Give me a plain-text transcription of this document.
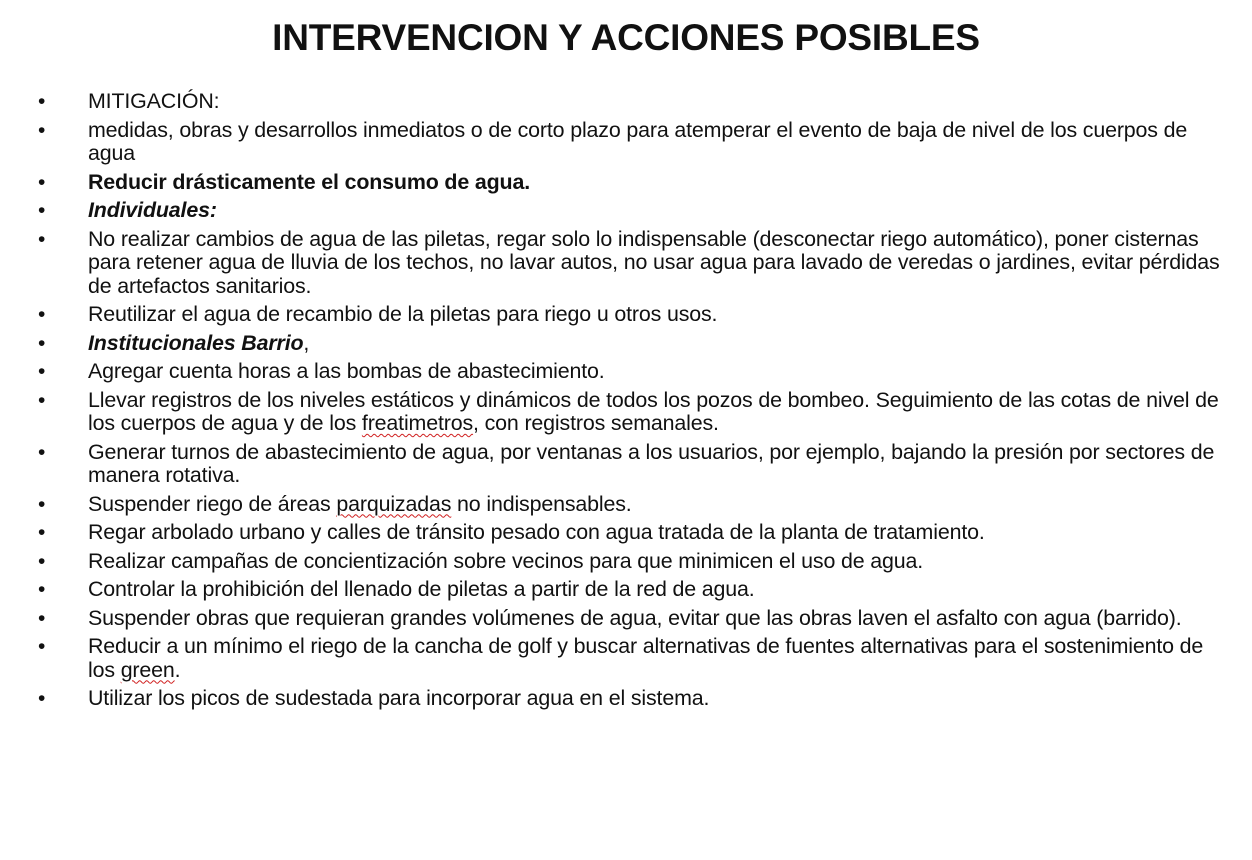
INTERVENCION Y ACCIONES POSIBLES
• MITIGACIÓN:
• medidas, obras y desarrollos inmediatos o de corto plazo para atemperar el evento de baja de nivel de los cuerpos de agua
• Reducir drásticamente el consumo de agua.
• Individuales:
• No realizar cambios de agua de las piletas, regar solo lo indispensable (desconectar riego automático), poner cisternas para retener agua de lluvia de los techos, no lavar autos, no usar agua para lavado de veredas o jardines, evitar pérdidas de artefactos sanitarios.
• Reutilizar el agua de recambio de la piletas para riego u otros usos.
• Institucionales Barrio,
• Agregar cuenta horas a las bombas de abastecimiento.
• Llevar registros de los niveles estáticos y dinámicos de todos los pozos de bombeo. Seguimiento de las cotas de nivel de los cuerpos de agua y de los freatimetros, con registros semanales.
• Generar turnos de abastecimiento de agua, por ventanas a los usuarios, por ejemplo, bajando la presión por sectores de manera rotativa.
• Suspender riego de áreas parquizadas no indispensables.
• Regar arbolado urbano y calles de tránsito pesado con agua tratada de la planta de tratamiento.
• Realizar campañas de concientización sobre vecinos para que minimicen el uso de agua.
• Controlar la prohibición del llenado de piletas a partir de la red de agua.
• Suspender obras que requieran grandes volúmenes de agua, evitar que las obras laven el asfalto con agua (barrido).
• Reducir a un mínimo el riego de la cancha de golf y buscar alternativas de fuentes alternativas para el sostenimiento de los green.
• Utilizar los picos de sudestada para incorporar agua en el sistema.
